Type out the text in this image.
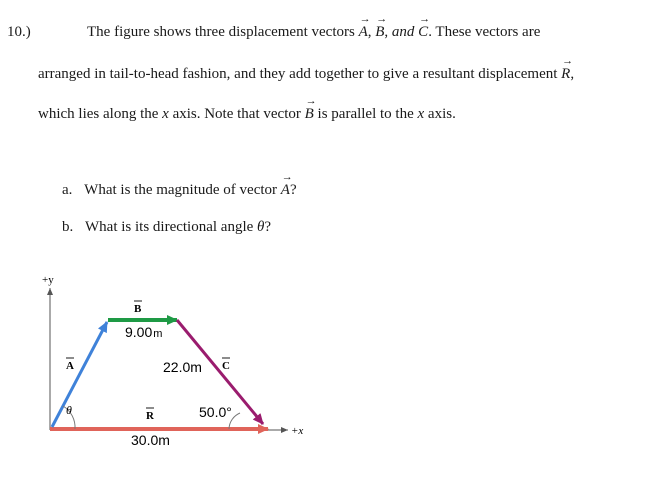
10.)	The figure shows three displacement vectors → A, → B, and → C. These vectors are
arranged in tail-to-head fashion, and they add together to give a resultant displacement → R,
which lies along the x axis. Note that vector → B is parallel to the x axis.
a. What is the magnitude of vector → A?
b. What is its directional angle θ?
+y
+x
B
9.00m
A	22.0m C
θ	R	50.0°
30.0m
